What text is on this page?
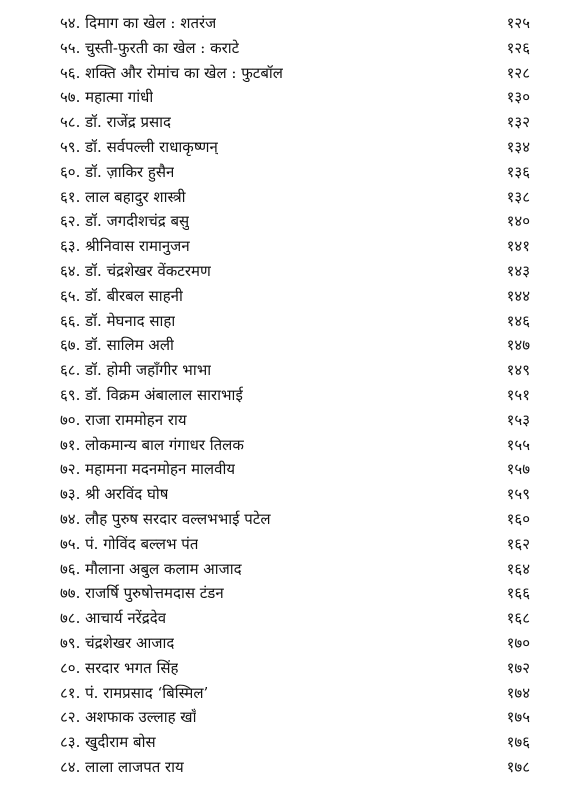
५४. दिमाग का खेल : शतरंज	१२५
५५. चुस्ती-फुरती का खेल : कराटे	१२६
५६. शक्ति और रोमांच का खेल : फुटबॉल	१२८
५७. महात्मा गांधी	१३०
५८. डॉ. राजेंद्र प्रसाद	१३२
५९. डॉ. सर्वपल्ली राधाकृष्णन्	१३४
६०. डॉ. ज़ाकिर हुसैन	१३६
६१. लाल बहादुर शास्त्री	१३८
६२. डॉ. जगदीशचंद्र बसु	१४०
६३. श्रीनिवास रामानुजन	१४१
६४. डॉ. चंद्रशेखर वेंकटरमण	१४३
६५. डॉ. बीरबल साहनी	१४४
६६. डॉ. मेघनाद साहा	१४६
६७. डॉ. सालिम अली	१४७
६८. डॉ. होमी जहाँगीर भाभा	१४९
६९. डॉ. विक्रम अंबालाल साराभाई	१५१
७०. राजा राममोहन राय	१५३
७१. लोकमान्य बाल गंगाधर तिलक	१५५
७२. महामना मदनमोहन मालवीय	१५७
७३. श्री अरविंद घोष	१५९
७४. लौह पुरुष सरदार वल्लभभाई पटेल	१६०
७५. पं. गोविंद बल्लभ पंत	१६२
७६. मौलाना अबुल कलाम आजाद	१६४
७७. राजर्षि पुरुषोत्तमदास टंडन	१६६
७८. आचार्य नरेंद्रदेव	१६८
७९. चंद्रशेखर आजाद	१७०
८०. सरदार भगत सिंह	१७२
८१. पं. रामप्रसाद ‘बिस्मिल’	१७४
८२. अशफाक उल्लाह खाँ	१७५
८३. खुदीराम बोस	१७६
८४. लाला लाजपत राय	१७८
